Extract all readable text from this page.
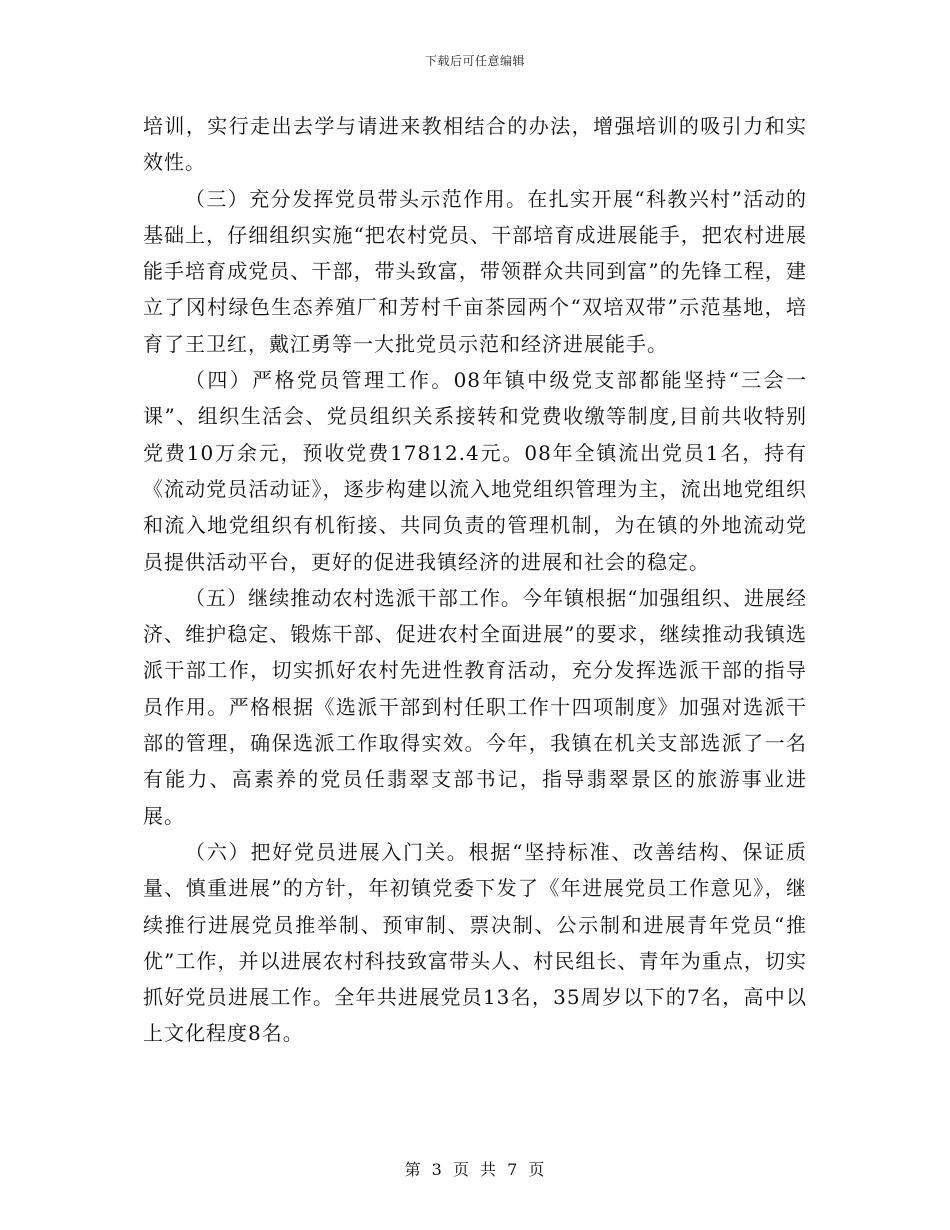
下载后可任意编辑

培训，实行走出去学与请进来教相结合的办法，增强培训的吸引力和实效性。

（三）充分发挥党员带头示范作用。在扎实开展“科教兴村”活动的基础上，仔细组织实施“把农村党员、干部培育成进展能手，把农村进展能手培育成党员、干部，带头致富，带领群众共同到富”的先锋工程，建立了冈村绿色生态养殖厂和芳村千亩茶园两个“双培双带”示范基地，培育了王卫红，戴江勇等一大批党员示范和经济进展能手。

（四）严格党员管理工作。08年镇中级党支部都能坚持“三会一课”、组织生活会、党员组织关系接转和党费收缴等制度,目前共收特别党费10万余元，预收党费17812.4元。08年全镇流出党员1名，持有《流动党员活动证》，逐步构建以流入地党组织管理为主，流出地党组织和流入地党组织有机衔接、共同负责的管理机制，为在镇的外地流动党员提供活动平台，更好的促进我镇经济的进展和社会的稳定。

（五）继续推动农村选派干部工作。今年镇根据“加强组织、进展经济、维护稳定、锻炼干部、促进农村全面进展”的要求，继续推动我镇选派干部工作，切实抓好农村先进性教育活动，充分发挥选派干部的指导员作用。严格根据《选派干部到村任职工作十四项制度》加强对选派干部的管理，确保选派工作取得实效。今年，我镇在机关支部选派了一名有能力、高素养的党员任翡翠支部书记，指导翡翠景区的旅游事业进展。

（六）把好党员进展入门关。根据“坚持标准、改善结构、保证质量、慎重进展”的方针，年初镇党委下发了《年进展党员工作意见》，继续推行进展党员推举制、预审制、票决制、公示制和进展青年党员“推优”工作，并以进展农村科技致富带头人、村民组长、青年为重点，切实抓好党员进展工作。全年共进展党员13名，35周岁以下的7名，高中以上文化程度8名。

第 3 页 共 7 页
